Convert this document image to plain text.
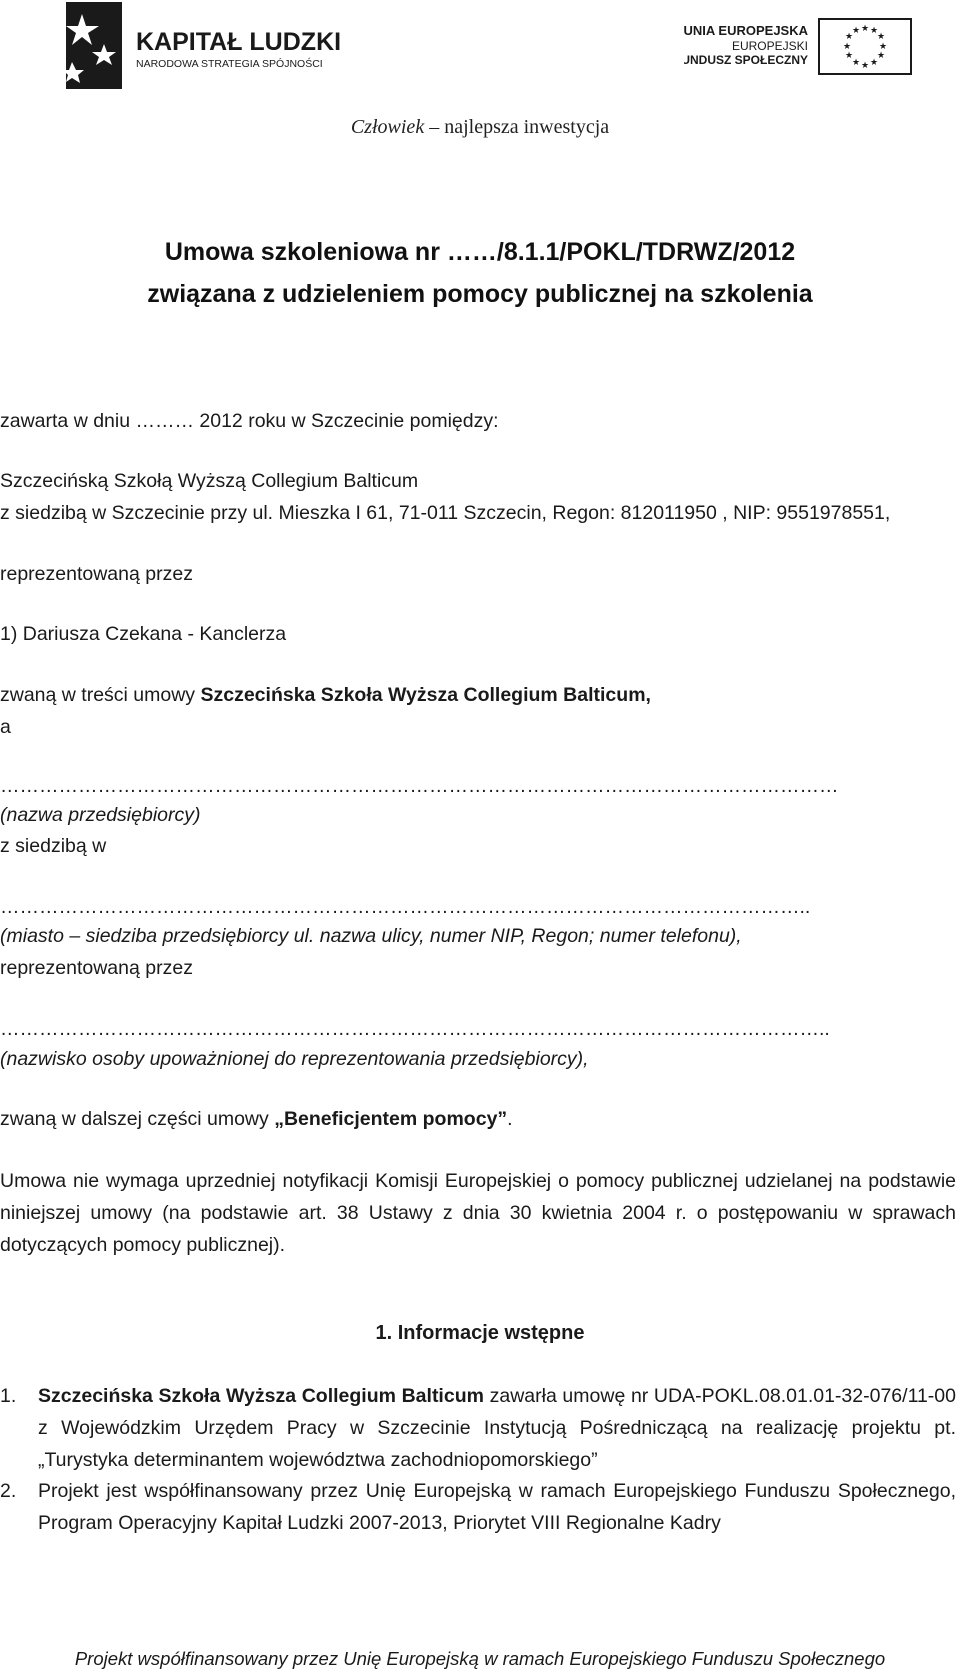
KAPITAŁ LUDZKI
NARODOWA STRATEGIA SPÓJNOŚCI
UNIA EUROPEJSKA
EUROPEJSKI
FUNDUSZ SPOŁECZNY
★ ★
★
★
★
★
★
★
★
★
★
★
Człowiek – najlepsza inwestycja
Umowa szkoleniowa nr ……/8.1.1/POKL/TDRWZ/2012
związana z udzieleniem pomocy publicznej na szkolenia
zawarta w dniu ……… 2012 roku w Szczecinie pomiędzy:
Szczecińską Szkołą Wyższą Collegium Balticum
z siedzibą w Szczecinie przy ul. Mieszka I 61, 71-011 Szczecin, Regon: 812011950 , NIP: 9551978551,
reprezentowaną przez
1) Dariusza Czekana - Kanclerza
zwaną w treści umowy Szczecińska Szkoła Wyższa Collegium Balticum,
a
…………………………………………………………………………………………………………………
(nazwa przedsiębiorcy)
z siedzibą w
……………………………………………………………………………………………………………..
(miasto – siedziba przedsiębiorcy ul. nazwa ulicy, numer NIP, Regon; numer telefonu),
reprezentowaną przez
………………………………………………………………………………………………………………..
(nazwisko osoby upoważnionej do reprezentowania przedsiębiorcy),
zwaną w dalszej części umowy „Beneficjentem pomocy”.
Umowa nie wymaga uprzedniej notyfikacji Komisji Europejskiej o pomocy publicznej udzielanej na podstawie niniejszej umowy (na podstawie art. 38 Ustawy z dnia 30 kwietnia 2004 r. o postępowaniu w sprawach dotyczących pomocy publicznej).
1. Informacje wstępne
1. Szczecińska Szkoła Wyższa Collegium Balticum zawarła umowę nr UDA-POKL.08.01.01-32-076/11-00 z Wojewódzkim Urzędem Pracy w Szczecinie Instytucją Pośredniczącą na realizację projektu pt. „Turystyka determinantem województwa zachodniopomorskiego”
2. Projekt jest współfinansowany przez Unię Europejską w ramach Europejskiego Funduszu Społecznego, Program Operacyjny Kapitał Ludzki 2007-2013, Priorytet VIII Regionalne Kadry
Projekt współfinansowany przez Unię Europejską w ramach Europejskiego Funduszu Społecznego
